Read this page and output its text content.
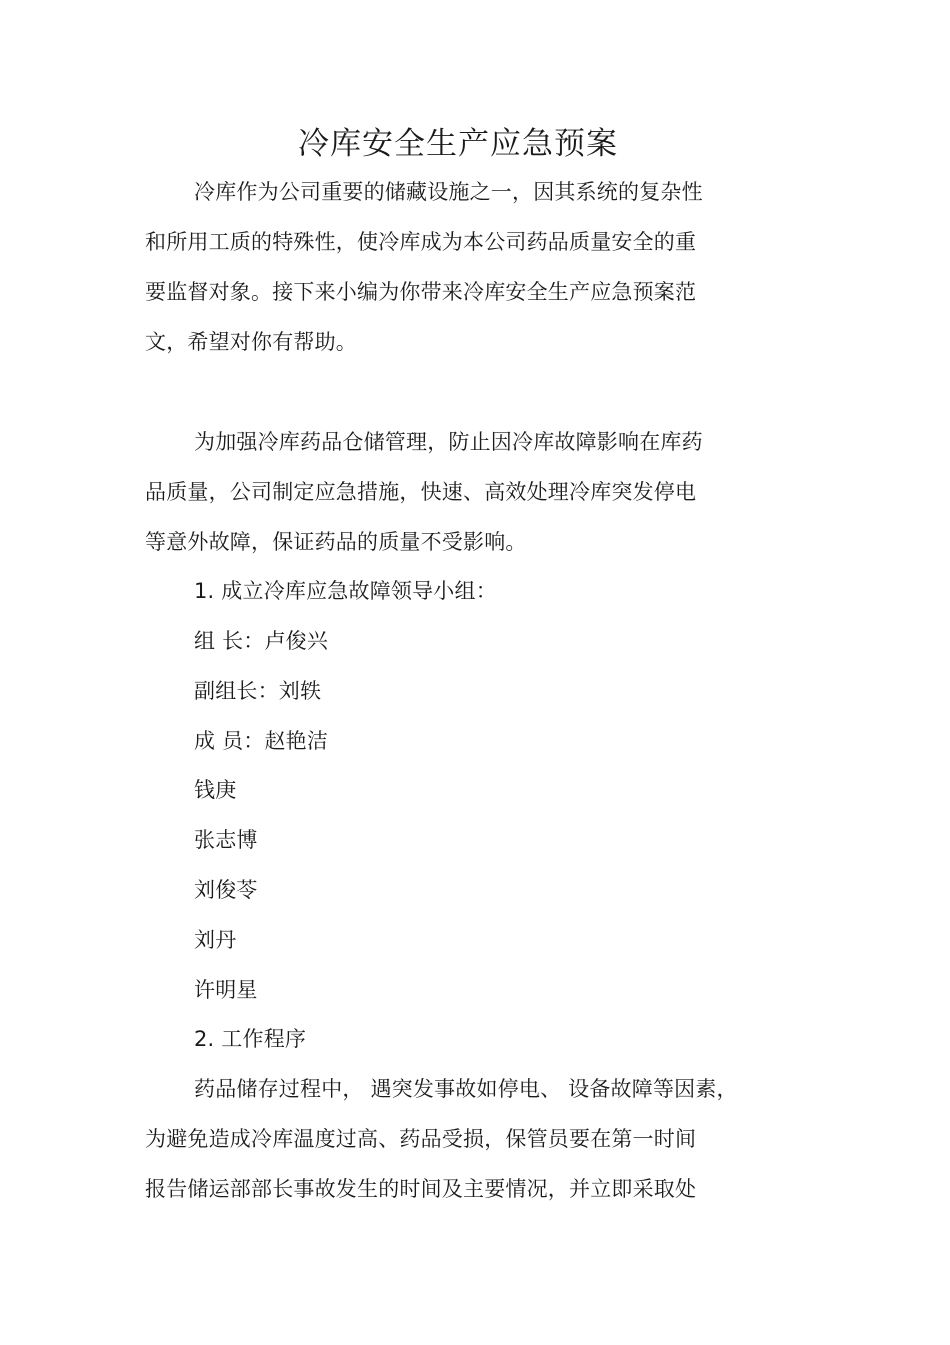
冷库安全生产应急预案
冷库作为公司重要的储藏设施之一，因其系统的复杂性
和所用工质的特殊性，使冷库成为本公司药品质量安全的重
要监督对象。接下来小编为你带来冷库安全生产应急预案范
文，希望对你有帮助。
为加强冷库药品仓储管理，防止因冷库故障影响在库药
品质量，公司制定应急措施，快速、高效处理冷库突发停电
等意外故障，保证药品的质量不受影响。
1. 成立冷库应急故障领导小组：
组 长：卢俊兴
副组长：刘轶
成 员：赵艳洁
钱庚
张志博
刘俊苓
刘丹
许明星
2. 工作程序
药品储存过程中， 遇突发事故如停电、 设备故障等因素，
为避免造成冷库温度过高、药品受损，保管员要在第一时间
报告储运部部长事故发生的时间及主要情况，并立即采取处
